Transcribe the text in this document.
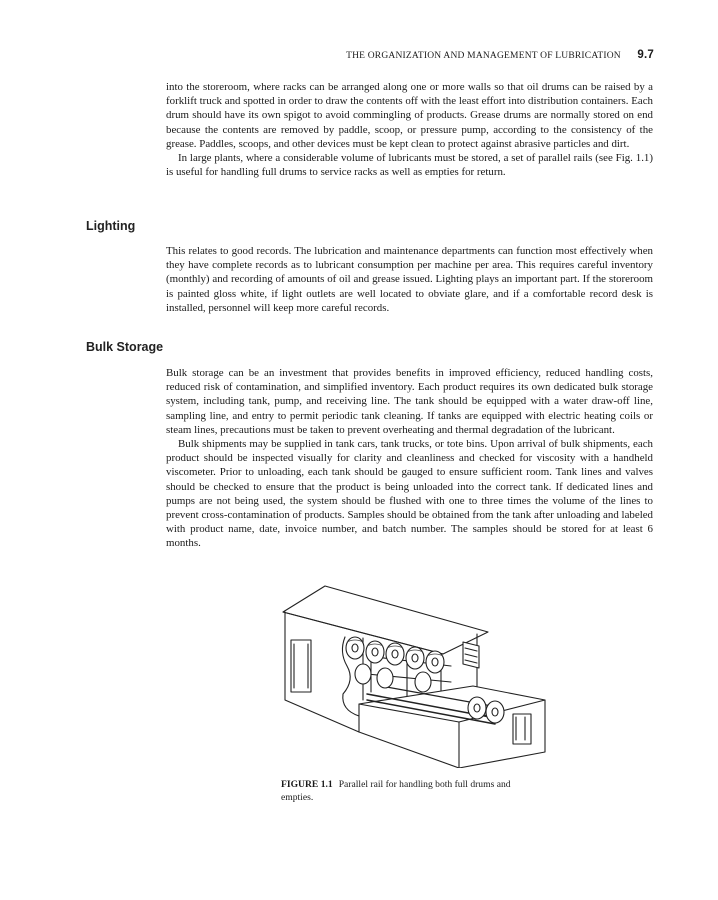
THE ORGANIZATION AND MANAGEMENT OF LUBRICATION 9.7

into the storeroom, where racks can be arranged along one or more walls so that oil drums can be raised by a forklift truck and spotted in order to draw the contents off with the least effort into distribution containers. Each drum should have its own spigot to avoid commingling of products. Grease drums are normally stored on end because the contents are removed by paddle, scoop, or pressure pump, according to the consistency of the grease. Paddles, scoops, and other devices must be kept clean to protect against abrasive particles and dirt.

In large plants, where a considerable volume of lubricants must be stored, a set of parallel rails (see Fig. 1.1) is useful for handling full drums to service racks as well as empties for return.

Lighting

This relates to good records. The lubrication and maintenance departments can function most effectively when they have complete records as to lubricant consumption per machine per area. This requires careful inventory (monthly) and recording of amounts of oil and grease issued. Lighting plays an important part. If the storeroom is painted gloss white, if light outlets are well located to obviate glare, and if a comfortable record desk is installed, personnel will keep more careful records.

Bulk Storage

Bulk storage can be an investment that provides benefits in improved efficiency, reduced handling costs, reduced risk of contamination, and simplified inventory. Each product requires its own dedicated bulk storage system, including tank, pump, and receiving line. The tank should be equipped with a water draw-off line, sampling line, and entry to permit periodic tank cleaning. If tanks are equipped with electric heating coils or steam lines, precautions must be taken to prevent overheating and thermal degradation of the lubricant.

Bulk shipments may be supplied in tank cars, tank trucks, or tote bins. Upon arrival of bulk shipments, each product should be inspected visually for clarity and cleanliness and checked for viscosity with a handheld viscometer. Prior to unloading, each tank should be gauged to ensure sufficient room. Tank lines and valves should be checked to ensure that the product is being unloaded into the correct tank. If dedicated lines and pumps are not being used, the system should be flushed with one to three times the volume of the lines to prevent cross-contamination of products. Samples should be obtained from the tank after unloading and labeled with product name, date, invoice number, and batch number. The samples should be stored for at least 6 months.

FIGURE 1.1 Parallel rail for handling both full drums and empties.
